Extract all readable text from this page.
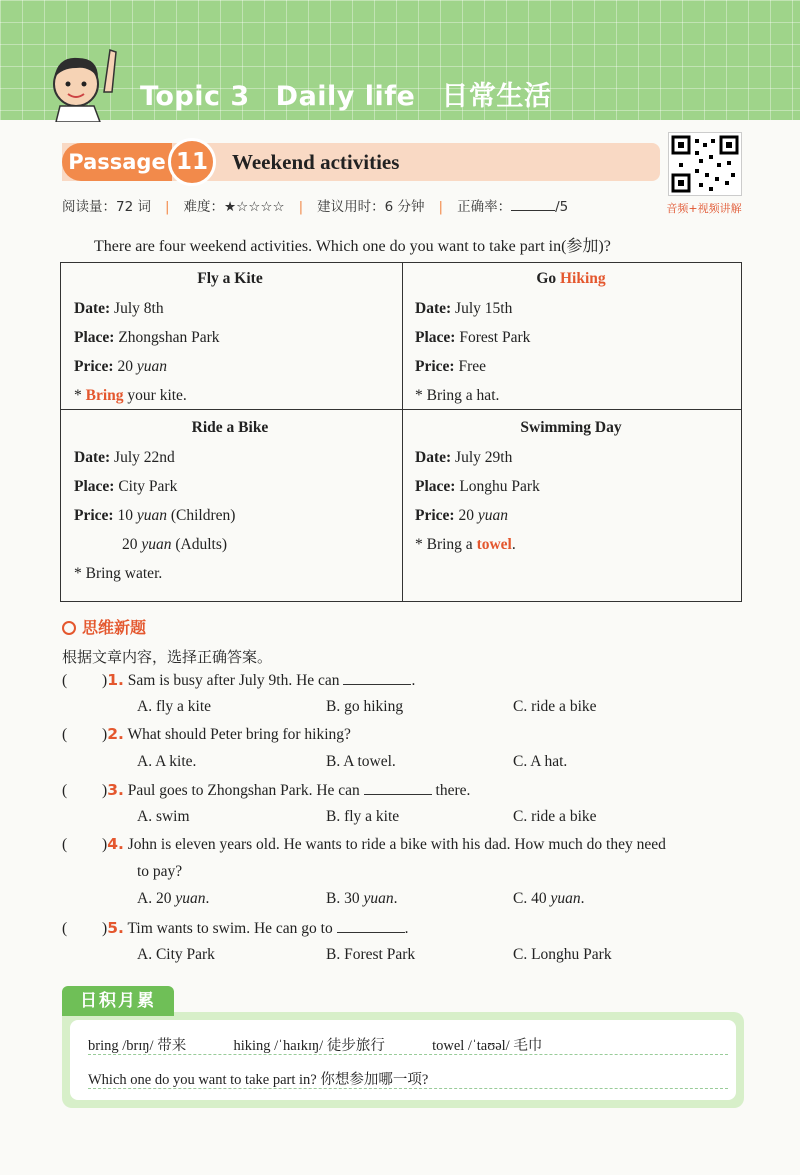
Topic 3 Daily life 日常生活
Passage 11	Weekend activities
音频+视频讲解
阅读量：72 词 | 难度：★☆☆☆☆ | 建议用时：6 分钟 | 正确率：	/5
There are four weekend activities. Which one do you want to take part in(参加)?
Fly a Kite
Date: July 8th
Place: Zhongshan Park
Price: 20 yuan
* Bring your kite.
Go Hiking
Date: July 15th
Place: Forest Park
Price: Free
* Bring a hat.
Ride a Bike
Date: July 22nd
Place: City Park
Price: 10 yuan (Children)
20 yuan (Adults)
* Bring water.
Swimming Day
Date: July 29th
Place: Longhu Park
Price: 20 yuan
* Bring a towel.
思维新题
根据文章内容，选择正确答案。
(         )1. Sam is busy after July 9th. He can	.
A. fly a kite	B. go hiking	C. ride a bike
(         )2. What should Peter bring for hiking?
A. A kite.	B. A towel.	C. A hat.
(         )3. Paul goes to Zhongshan Park. He can	there.
A. swim	B. fly a kite	C. ride a bike
(         )4. John is eleven years old. He wants to ride a bike with his dad. How much do they need
to pay?
A. 20 yuan.	B. 30 yuan.	C. 40 yuan.
(         )5. Tim wants to swim. He can go to	.
A. City Park	B. Forest Park	C. Longhu Park
日积月累
bring /brɪŋ/ 带来	hiking /ˈhaɪkɪŋ/ 徒步旅行	towel /ˈtaʊəl/ 毛巾
Which one do you want to take part in? 你想参加哪一项?
